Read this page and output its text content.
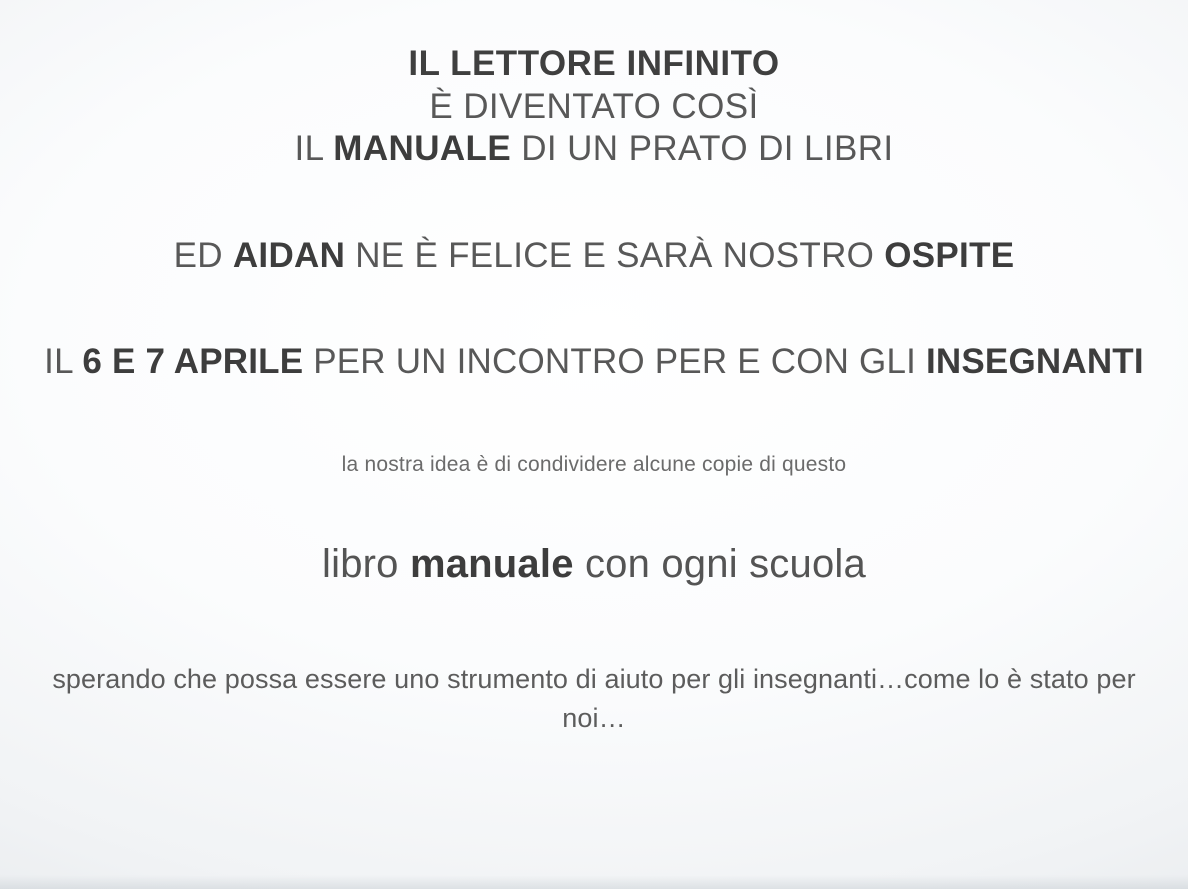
IL LETTORE INFINITO
È DIVENTATO COSÌ
IL MANUALE DI UN PRATO DI LIBRI
ED AIDAN NE È FELICE E SARÀ NOSTRO OSPITE
IL 6 E 7 APRILE PER UN INCONTRO PER E CON GLI INSEGNANTI
la nostra idea è di condividere alcune copie di questo
libro manuale con ogni scuola
sperando che possa essere uno strumento di aiuto per gli insegnanti…come lo è stato per noi…
